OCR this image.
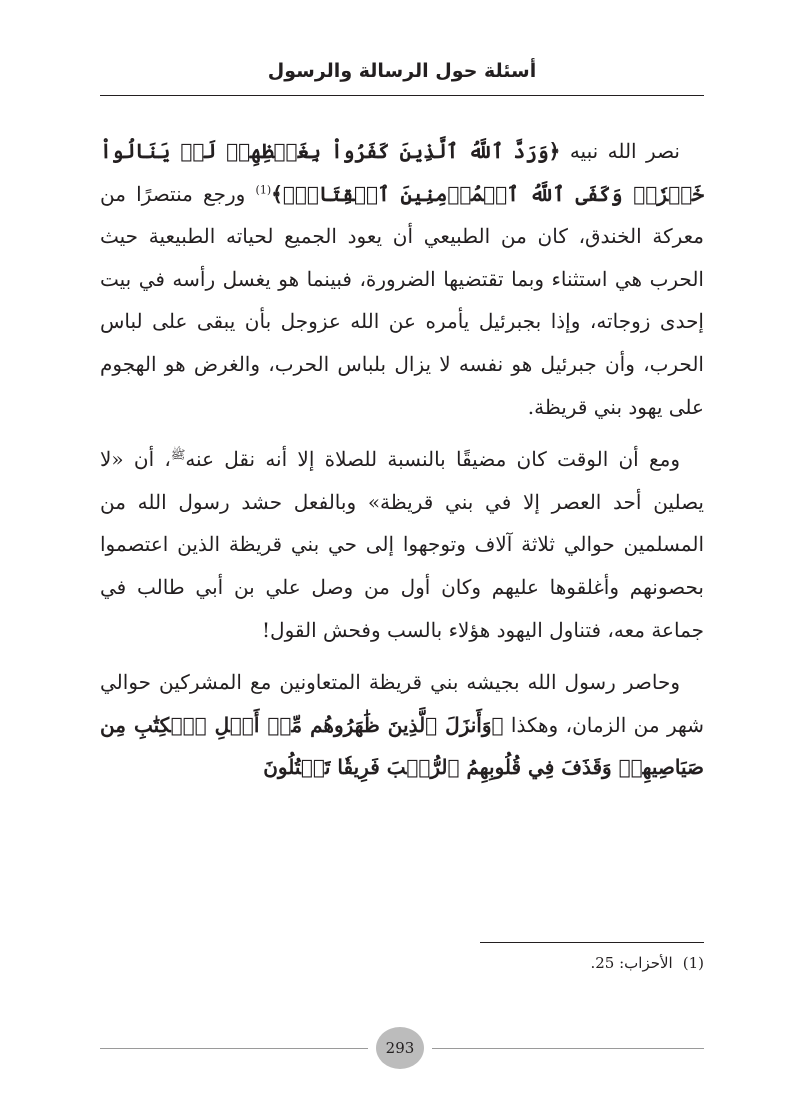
أسئلة حول الرسالة والرسول

نصر الله نبيه ﴿وَرَدَّ ٱللَّهُ ٱلَّذِينَ كَفَرُواْ بِغَيۡظِهِمۡ لَمۡ يَنَالُواْ خَيۡرٗاۚ وَكَفَى ٱللَّهُ ٱلۡمُؤۡمِنِينَ ٱلۡقِتَالَۚ﴾$^{(1)}$ ورجع منتصرًا من معركة الخندق، كان من الطبيعي أن يعود الجميع لحياته الطبيعية حيث الحرب هي استثناء وبما تقتضيها الضرورة، فبينما هو يغسل رأسه في بيت إحدى زوجاته، وإذا بجبرئيل يأمره عن الله عزوجل بأن يبقى على لباس الحرب، وأن جبرئيل هو نفسه لا يزال بلباس الحرب، والغرض هو الهجوم على يهود بني قريظة.

ومع أن الوقت كان مضيقًا بالنسبة للصلاة إلا أنه نقل عنه$^ﷺ$، أن «لا يصلين أحد العصر إلا في بني قريظة» وبالفعل حشد رسول الله من المسلمين حوالي ثلاثة آلاف وتوجهوا إلى حي بني قريظة الذين اعتصموا بحصونهم وأغلقوها عليهم وكان أول من وصل علي بن أبي طالب في جماعة معه، فتناول اليهود هؤلاء بالسب وفحش القول!

وحاصر رسول الله بجيشه بني قريظة المتعاونين مع المشركين حوالي شهر من الزمان، وهكذا ﴿وَأَنزَلَ ٱلَّذِينَ ظَٰهَرُوهُم مِّنۡ أَهۡلِ ٱلۡكِتَٰبِ مِن صَيَاصِيهِمۡ وَقَذَفَ فِي قُلُوبِهِمُ ٱلرُّعۡبَ فَرِيقٗا تَقۡتُلُونَ

(1)الأحزاب: 25.
293
